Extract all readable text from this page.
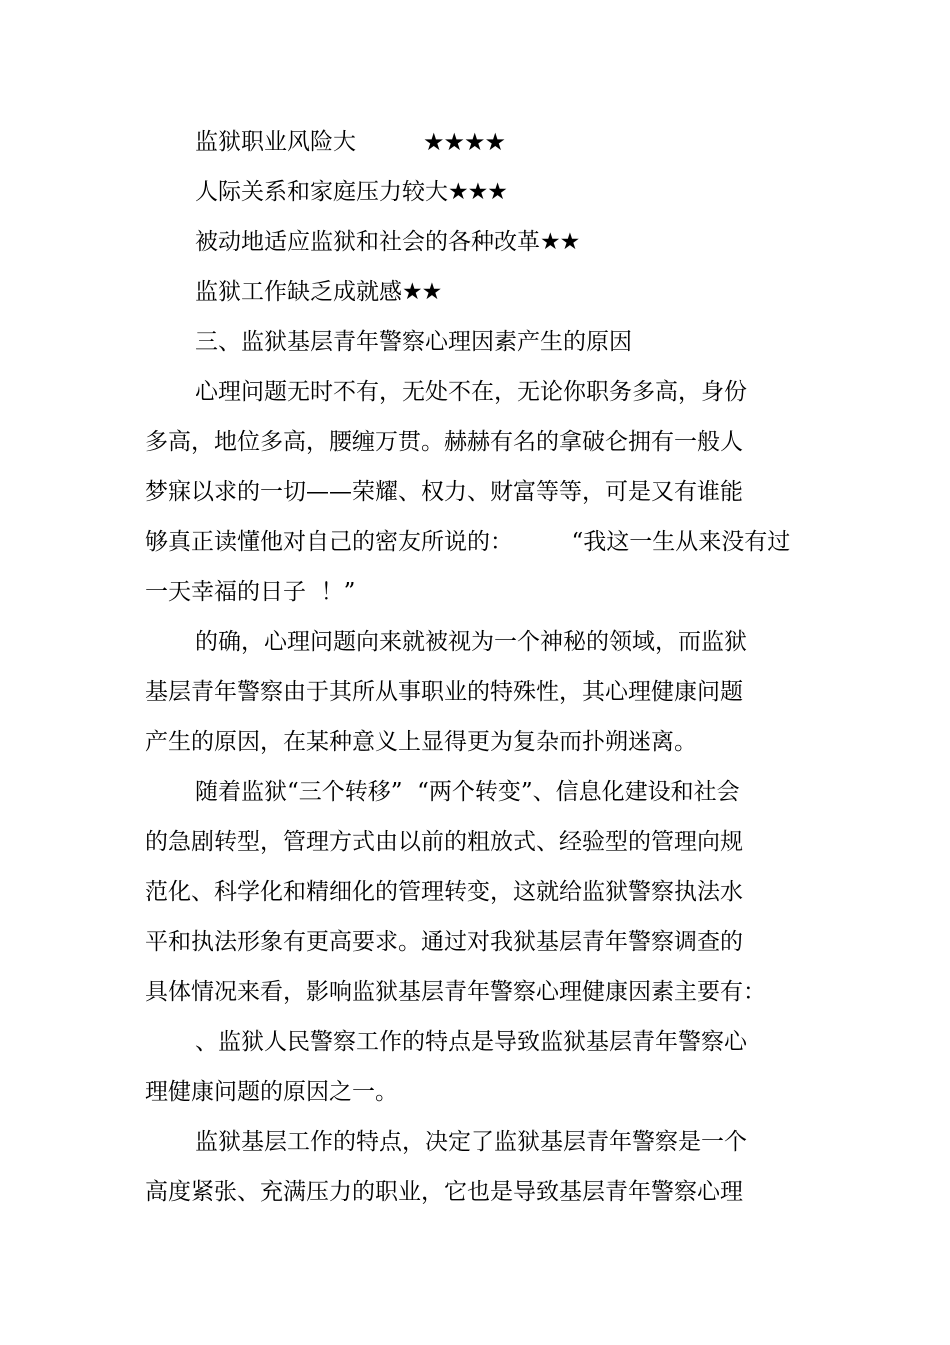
监狱职业风险大	★★★★
人际关系和家庭压力较大★★★
被动地适应监狱和社会的各种改革★★
监狱工作缺乏成就感★★
三、监狱基层青年警察心理因素产生的原因
心理问题无时不有，无处不在，无论你职务多高，身份
多高，地位多高，腰缠万贯。赫赫有名的拿破仑拥有一般人
梦寐以求的一切——荣耀、权力、财富等等，可是又有谁能
够真正读懂他对自己的密友所说的：        “我这一生从来没有过
一天幸福的日子  ！”
的确，心理问题向来就被视为一个神秘的领域，而监狱
基层青年警察由于其所从事职业的特殊性，其心理健康问题
产生的原因，在某种意义上显得更为复杂而扑朔迷离。
随着监狱“三个转移”  “两个转变”、信息化建设和社会
的急剧转型，管理方式由以前的粗放式、经验型的管理向规
范化、科学化和精细化的管理转变，这就给监狱警察执法水
平和执法形象有更高要求。通过对我狱基层青年警察调查的
具体情况来看，影响监狱基层青年警察心理健康因素主要有：
、监狱人民警察工作的特点是导致监狱基层青年警察心
理健康问题的原因之一。
监狱基层工作的特点，决定了监狱基层青年警察是一个
高度紧张、充满压力的职业，它也是导致基层青年警察心理
